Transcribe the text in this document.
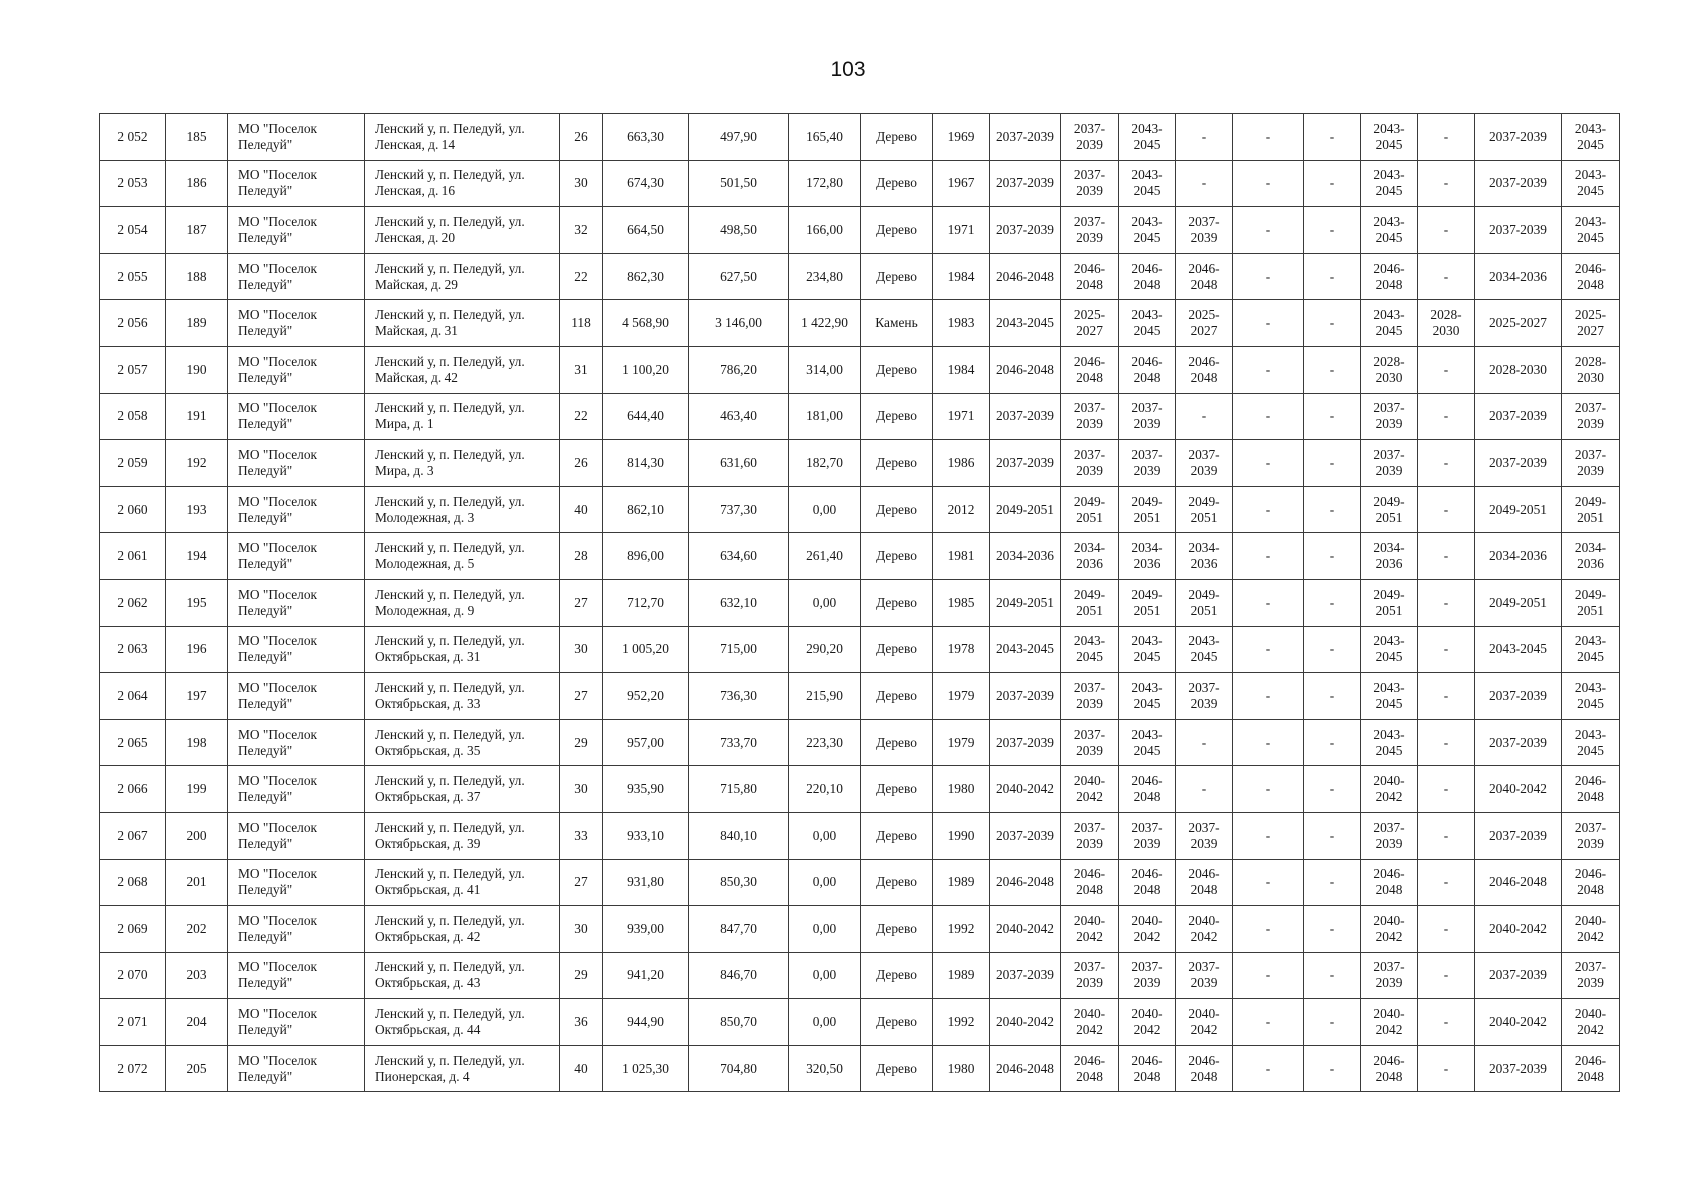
103
2 052	185	МО "Поселок Пеледуй"	Ленский у, п. Пеледуй, ул. Ленская, д. 14	26	663,30	497,90	165,40	Дерево	1969	2037-2039	2037-2039	2043-2045	-	-	-	2043-2045	-	2037-2039	2043-2045
2 053	186	МО "Поселок Пеледуй"	Ленский у, п. Пеледуй, ул. Ленская, д. 16	30	674,30	501,50	172,80	Дерево	1967	2037-2039	2037-2039	2043-2045	-	-	-	2043-2045	-	2037-2039	2043-2045
2 054	187	МО "Поселок Пеледуй"	Ленский у, п. Пеледуй, ул. Ленская, д. 20	32	664,50	498,50	166,00	Дерево	1971	2037-2039	2037-2039	2043-2045	2037-2039	-	-	2043-2045	-	2037-2039	2043-2045
2 055	188	МО "Поселок Пеледуй"	Ленский у, п. Пеледуй, ул. Майская, д. 29	22	862,30	627,50	234,80	Дерево	1984	2046-2048	2046-2048	2046-2048	2046-2048	-	-	2046-2048	-	2034-2036	2046-2048
2 056	189	МО "Поселок Пеледуй"	Ленский у, п. Пеледуй, ул. Майская, д. 31	118	4 568,90	3 146,00	1 422,90	Камень	1983	2043-2045	2025-2027	2043-2045	2025-2027	-	-	2043-2045	2028-2030	2025-2027	2025-2027
2 057	190	МО "Поселок Пеледуй"	Ленский у, п. Пеледуй, ул. Майская, д. 42	31	1 100,20	786,20	314,00	Дерево	1984	2046-2048	2046-2048	2046-2048	2046-2048	-	-	2028-2030	-	2028-2030	2028-2030
2 058	191	МО "Поселок Пеледуй"	Ленский у, п. Пеледуй, ул. Мира, д. 1	22	644,40	463,40	181,00	Дерево	1971	2037-2039	2037-2039	2037-2039	-	-	-	2037-2039	-	2037-2039	2037-2039
2 059	192	МО "Поселок Пеледуй"	Ленский у, п. Пеледуй, ул. Мира, д. 3	26	814,30	631,60	182,70	Дерево	1986	2037-2039	2037-2039	2037-2039	2037-2039	-	-	2037-2039	-	2037-2039	2037-2039
2 060	193	МО "Поселок Пеледуй"	Ленский у, п. Пеледуй, ул. Молодежная, д. 3	40	862,10	737,30	0,00	Дерево	2012	2049-2051	2049-2051	2049-2051	2049-2051	-	-	2049-2051	-	2049-2051	2049-2051
2 061	194	МО "Поселок Пеледуй"	Ленский у, п. Пеледуй, ул. Молодежная, д. 5	28	896,00	634,60	261,40	Дерево	1981	2034-2036	2034-2036	2034-2036	2034-2036	-	-	2034-2036	-	2034-2036	2034-2036
2 062	195	МО "Поселок Пеледуй"	Ленский у, п. Пеледуй, ул. Молодежная, д. 9	27	712,70	632,10	0,00	Дерево	1985	2049-2051	2049-2051	2049-2051	2049-2051	-	-	2049-2051	-	2049-2051	2049-2051
2 063	196	МО "Поселок Пеледуй"	Ленский у, п. Пеледуй, ул. Октябрьская, д. 31	30	1 005,20	715,00	290,20	Дерево	1978	2043-2045	2043-2045	2043-2045	2043-2045	-	-	2043-2045	-	2043-2045	2043-2045
2 064	197	МО "Поселок Пеледуй"	Ленский у, п. Пеледуй, ул. Октябрьская, д. 33	27	952,20	736,30	215,90	Дерево	1979	2037-2039	2037-2039	2043-2045	2037-2039	-	-	2043-2045	-	2037-2039	2043-2045
2 065	198	МО "Поселок Пеледуй"	Ленский у, п. Пеледуй, ул. Октябрьская, д. 35	29	957,00	733,70	223,30	Дерево	1979	2037-2039	2037-2039	2043-2045	-	-	-	2043-2045	-	2037-2039	2043-2045
2 066	199	МО "Поселок Пеледуй"	Ленский у, п. Пеледуй, ул. Октябрьская, д. 37	30	935,90	715,80	220,10	Дерево	1980	2040-2042	2040-2042	2046-2048	-	-	-	2040-2042	-	2040-2042	2046-2048
2 067	200	МО "Поселок Пеледуй"	Ленский у, п. Пеледуй, ул. Октябрьская, д. 39	33	933,10	840,10	0,00	Дерево	1990	2037-2039	2037-2039	2037-2039	2037-2039	-	-	2037-2039	-	2037-2039	2037-2039
2 068	201	МО "Поселок Пеледуй"	Ленский у, п. Пеледуй, ул. Октябрьская, д. 41	27	931,80	850,30	0,00	Дерево	1989	2046-2048	2046-2048	2046-2048	2046-2048	-	-	2046-2048	-	2046-2048	2046-2048
2 069	202	МО "Поселок Пеледуй"	Ленский у, п. Пеледуй, ул. Октябрьская, д. 42	30	939,00	847,70	0,00	Дерево	1992	2040-2042	2040-2042	2040-2042	2040-2042	-	-	2040-2042	-	2040-2042	2040-2042
2 070	203	МО "Поселок Пеледуй"	Ленский у, п. Пеледуй, ул. Октябрьская, д. 43	29	941,20	846,70	0,00	Дерево	1989	2037-2039	2037-2039	2037-2039	2037-2039	-	-	2037-2039	-	2037-2039	2037-2039
2 071	204	МО "Поселок Пеледуй"	Ленский у, п. Пеледуй, ул. Октябрьская, д. 44	36	944,90	850,70	0,00	Дерево	1992	2040-2042	2040-2042	2040-2042	2040-2042	-	-	2040-2042	-	2040-2042	2040-2042
2 072	205	МО "Поселок Пеледуй"	Ленский у, п. Пеледуй, ул. Пионерская, д. 4	40	1 025,30	704,80	320,50	Дерево	1980	2046-2048	2046-2048	2046-2048	2046-2048	-	-	2046-2048	-	2037-2039	2046-2048
